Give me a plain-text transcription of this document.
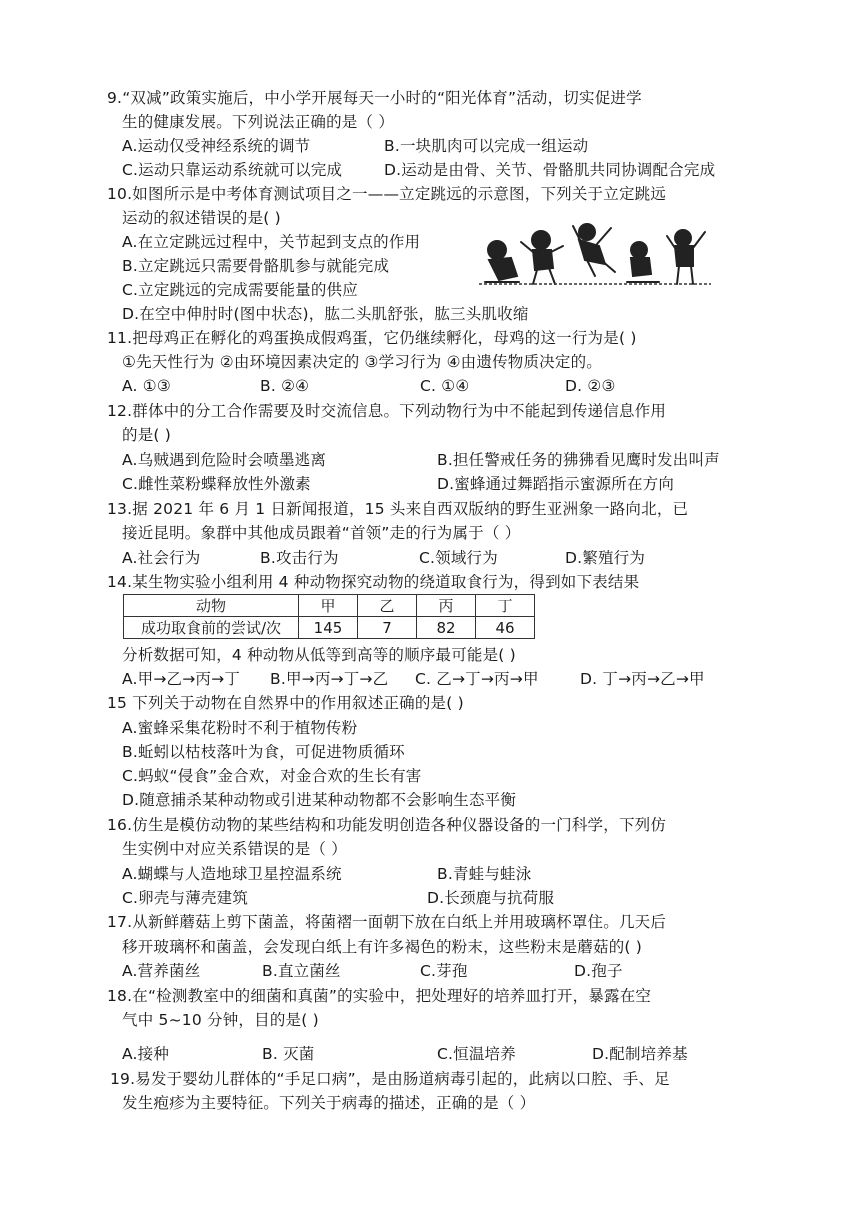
9.“双减”政策实施后，中小学开展每天一小时的“阳光体育”活动，切实促进学
生的健康发展。下列说法正确的是（ ）
A.运动仅受神经系统的调节	B.一块肌肉可以完成一组运动
C.运动只靠运动系统就可以完成	D.运动是由骨、关节、骨骼肌共同协调配合完成
10.如图所示是中考体育测试项目之一——立定跳远的示意图，下列关于立定跳远
运动的叙述错误的是( )
A.在立定跳远过程中，关节起到支点的作用
B.立定跳远只需要骨骼肌参与就能完成
C.立定跳远的完成需要能量的供应
D.在空中伸肘时(图中状态)，肱二头肌舒张，肱三头肌收缩
11.把母鸡正在孵化的鸡蛋换成假鸡蛋，它仍继续孵化，母鸡的这一行为是( )
①先天性行为 ②由环境因素决定的 ③学习行为 ④由遗传物质决定的。
A. ①③	B. ②④	C. ①④	D. ②③
12.群体中的分工合作需要及时交流信息。下列动物行为中不能起到传递信息作用
的是( )
A.乌贼遇到危险时会喷墨逃离	B.担任警戒任务的狒狒看见鹰时发出叫声
C.雌性菜粉蝶释放性外激素	D.蜜蜂通过舞蹈指示蜜源所在方向
13.据 2021 年 6 月 1 日新闻报道，15 头来自西双版纳的野生亚洲象一路向北，已
接近昆明。象群中其他成员跟着“首领”走的行为属于（ ）
A.社会行为	B.攻击行为	C.领域行为	D.繁殖行为
14.某生物实验小组利用 4 种动物探究动物的绕道取食行为，得到如下表结果
动物	甲	乙	丙	丁
成功取食前的尝试/次	145	7	82	46
分析数据可知，4 种动物从低等到高等的顺序最可能是( )
A.甲→乙→丙→丁 B.甲→丙→丁→乙 C. 乙→丁→丙→甲	D. 丁→丙→乙→甲
15 下列关于动物在自然界中的作用叙述正确的是( )
A.蜜蜂采集花粉时不利于植物传粉
B.蚯蚓以枯枝落叶为食，可促进物质循环
C.蚂蚁“侵食”金合欢，对金合欢的生长有害
D.随意捕杀某种动物或引进某种动物都不会影响生态平衡
16.仿生是模仿动物的某些结构和功能发明创造各种仪器设备的一门科学，下列仿
生实例中对应关系错误的是（ ）
A.蝴蝶与人造地球卫星控温系统	B.青蛙与蛙泳
C.卵壳与薄壳建筑	D.长颈鹿与抗荷服
17.从新鲜蘑菇上剪下菌盖，将菌褶一面朝下放在白纸上并用玻璃杯罩住。几天后
移开玻璃杯和菌盖，会发现白纸上有许多褐色的粉末，这些粉末是蘑菇的( )
A.营养菌丝	B.直立菌丝	C.芽孢	D.孢子
18.在“检测教室中的细菌和真菌”的实验中，把处理好的培养皿打开，暴露在空
气中 5~10 分钟，目的是( )
A.接种	B. 灭菌	C.恒温培养	D.配制培养基
19.易发于婴幼儿群体的“手足口病”，是由肠道病毒引起的，此病以口腔、手、足
发生疱疹为主要特征。下列关于病毒的描述，正确的是（ ）
